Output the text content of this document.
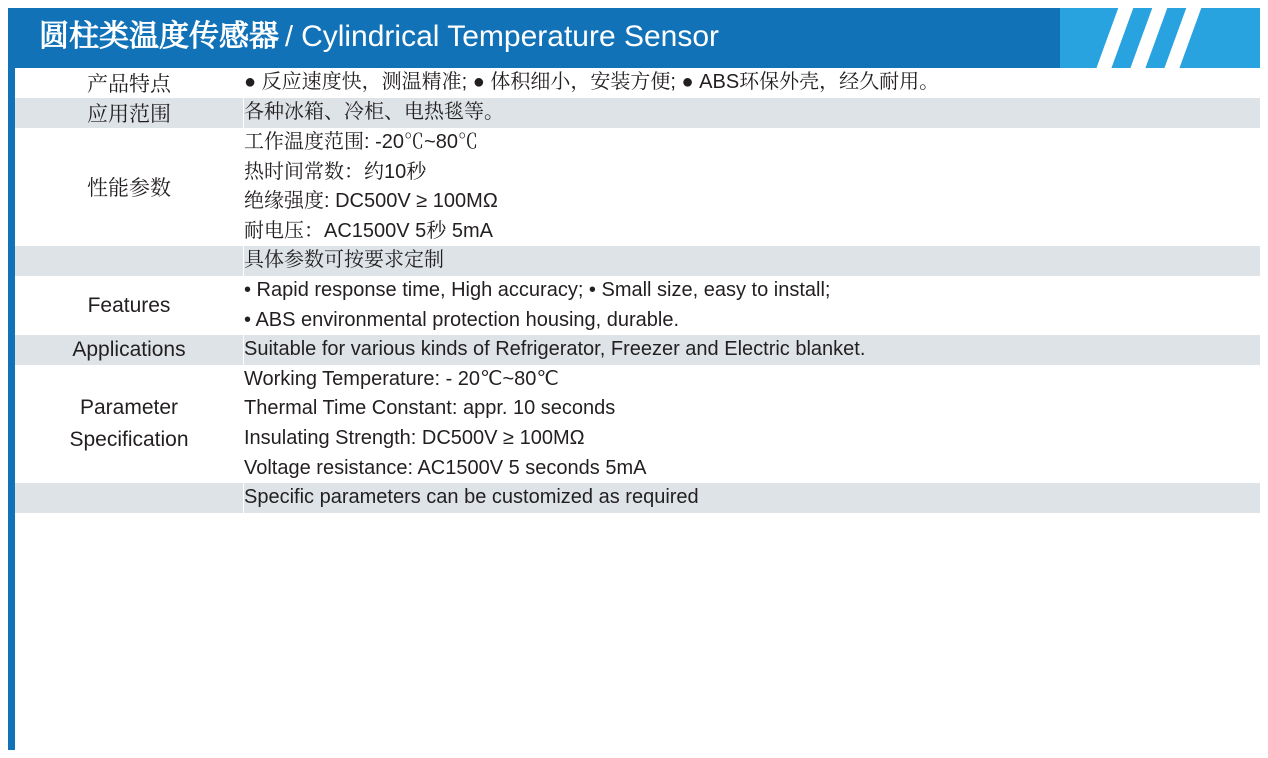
圆柱类温度传感器 / Cylindrical Temperature Sensor
产品特点	● 反应速度快，测温精准; ● 体积细小，安装方便; ● ABS环保外壳，经久耐用。

应用范围	各种冰箱、冷柜、电热毯等。

性能参数	工作温度范围: -20℃~80℃
热时间常数：约10秒
绝缘强度: DC500V ≥ 100MΩ
耐电压：AC1500V 5秒 5mA

	具体参数可按要求定制

Features	• Rapid response time, High accuracy; • Small size, easy to install;
• ABS environmental protection housing, durable.

Applications	Suitable for various kinds of Refrigerator, Freezer and Electric blanket.

Parameter
Specification	Working Temperature: - 20℃~80℃
Thermal Time Constant: appr. 10 seconds
Insulating Strength: DC500V ≥ 100MΩ
Voltage resistance: AC1500V 5 seconds 5mA

	Specific parameters can be customized as required
